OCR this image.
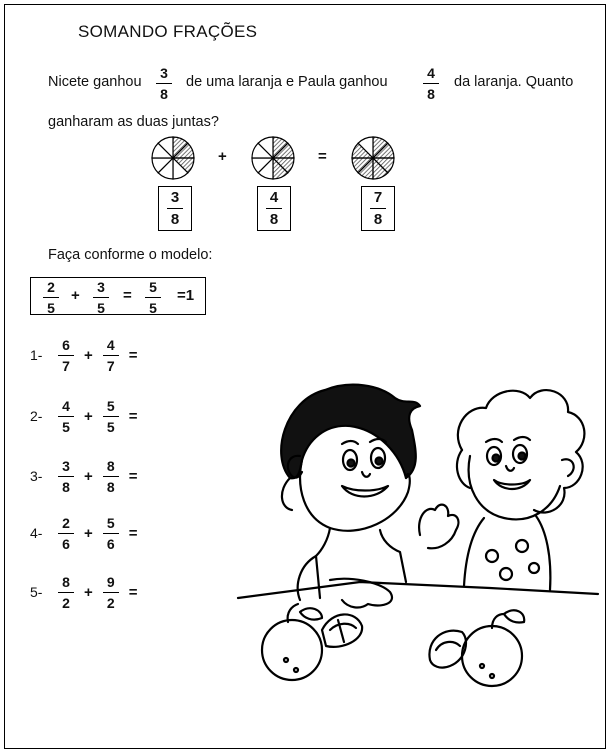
SOMANDO FRAÇÕES
Nicete ganhou $\frac{3}{8}$ de uma laranja e Paula ganhou	$\frac{4}{8}$ da laranja. Quanto
ganharam as duas juntas?
+	=
$\frac{3}{8}$	$\frac{4}{8}$	$\frac{7}{8}$
Faça conforme o modelo:
$\frac{2}{5} + \frac{3}{5} = \frac{5}{5} =1$
1-	$\frac{6}{7} + \frac{4}{7}$ =
2-	$\frac{4}{5} + \frac{5}{5}$ =
3-	$\frac{3}{8} + \frac{8}{8}$ =
4-	$\frac{2}{6} + \frac{5}{6}$ =
5-	$\frac{8}{2} + \frac{9}{2}$ =
